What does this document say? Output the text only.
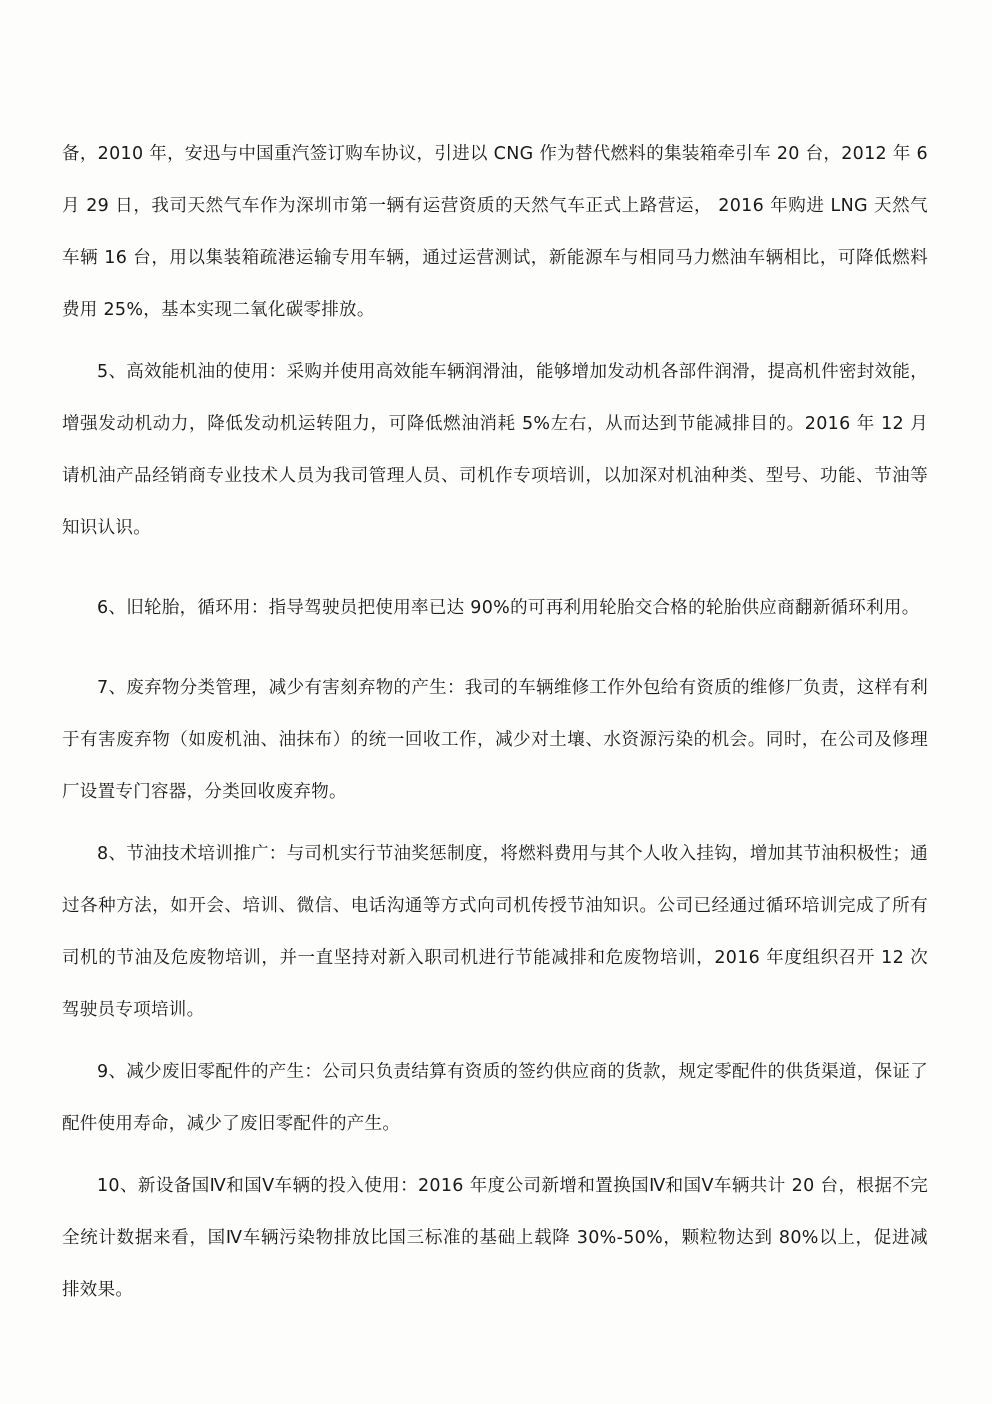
备，2010 年，安迅与中国重汽签订购车协议，引进以 CNG 作为替代燃料的集装箱牵引车 20 台，2012 年 6 月 29 日，我司天然气车作为深圳市第一辆有运营资质的天然气车正式上路营运， 2016 年购进 LNG 天然气车辆 16 台，用以集装箱疏港运输专用车辆，通过运营测试，新能源车与相同马力燃油车辆相比，可降低燃料费用 25%，基本实现二氧化碳零排放。

5、高效能机油的使用：采购并使用高效能车辆润滑油，能够增加发动机各部件润滑，提高机件密封效能，增强发动机动力，降低发动机运转阻力，可降低燃油消耗 5%左右，从而达到节能减排目的。2016 年 12 月请机油产品经销商专业技术人员为我司管理人员、司机作专项培训，以加深对机油种类、型号、功能、节油等知识认识。

6、旧轮胎，循环用：指导驾驶员把使用率已达 90%的可再利用轮胎交合格的轮胎供应商翻新循环利用。

7、废弃物分类管理，减少有害刻弃物的产生：我司的车辆维修工作外包给有资质的维修厂负责，这样有利于有害废弃物（如废机油、油抹布）的统一回收工作，减少对土壤、水资源污染的机会。同时，在公司及修理厂设置专门容器，分类回收废弃物。

8、节油技术培训推广：与司机实行节油奖惩制度，将燃料费用与其个人收入挂钩，增加其节油积极性；通过各种方法，如开会、培训、微信、电话沟通等方式向司机传授节油知识。公司已经通过循环培训完成了所有司机的节油及危废物培训，并一直坚持对新入职司机进行节能减排和危废物培训，2016 年度组织召开 12 次驾驶员专项培训。

9、减少废旧零配件的产生：公司只负责结算有资质的签约供应商的货款，规定零配件的供货渠道，保证了配件使用寿命，减少了废旧零配件的产生。

10、新设备国Ⅳ和国Ⅴ车辆的投入使用：2016 年度公司新增和置换国Ⅳ和国Ⅴ车辆共计 20 台，根据不完全统计数据来看，国Ⅳ车辆污染物排放比国三标准的基础上载降 30%-50%，颗粒物达到 80%以上，促进减排效果。
